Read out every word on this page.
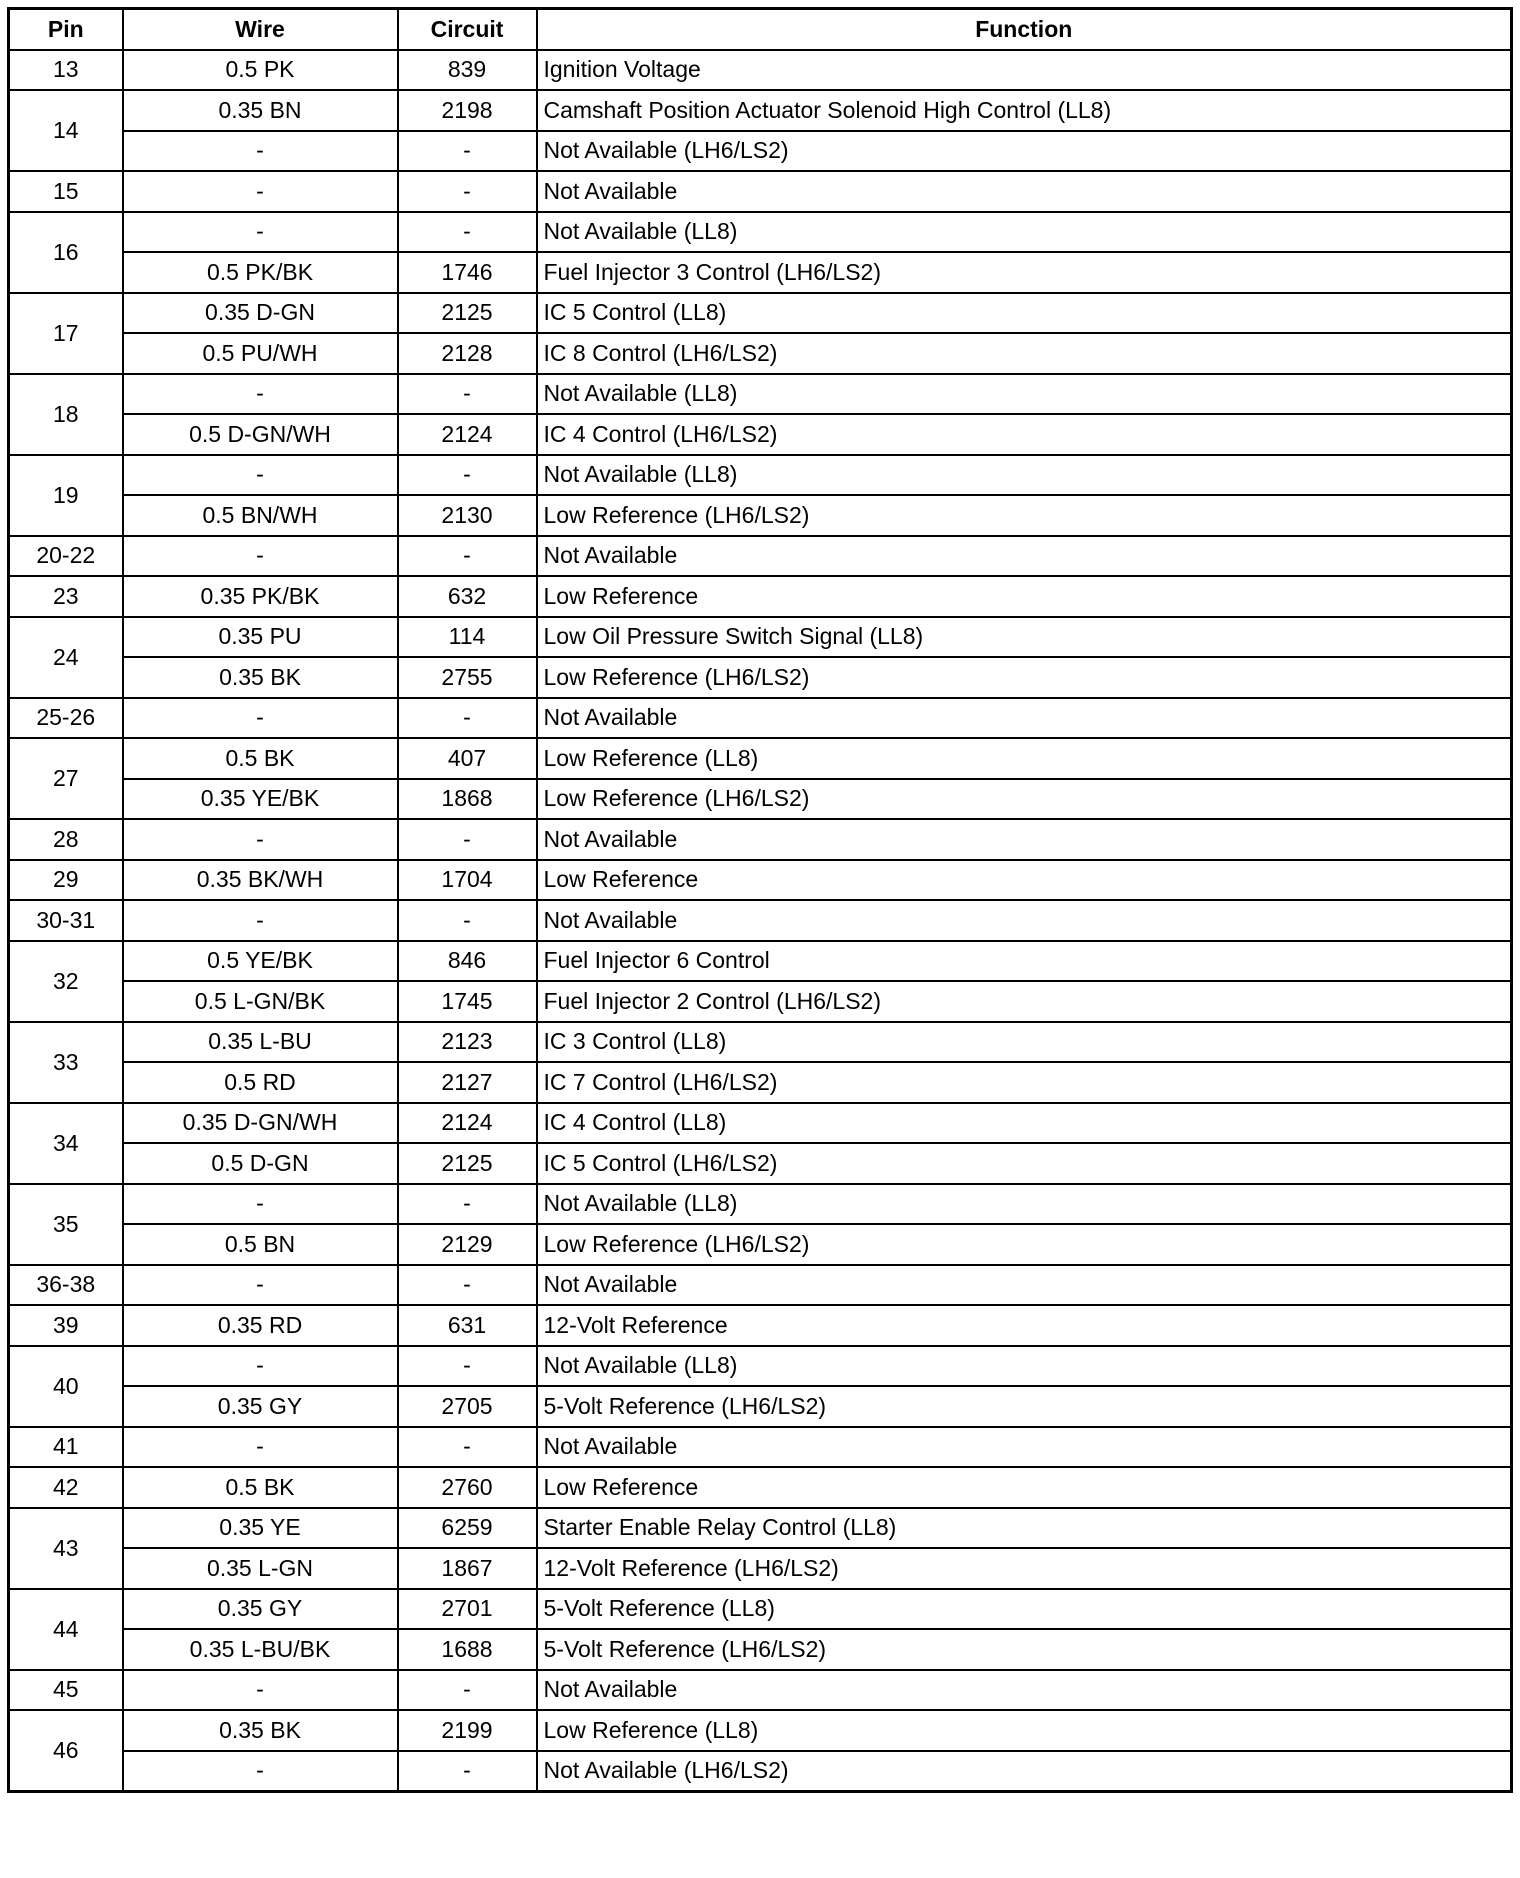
Pin	Wire	Circuit	Function
13	0.5 PK	839	Ignition Voltage
14	0.35 BN	2198	Camshaft Position Actuator Solenoid High Control (LL8)
	-	-	Not Available (LH6/LS2)
15	-	-	Not Available
16	-	-	Not Available (LL8)
	0.5 PK/BK	1746	Fuel Injector 3 Control (LH6/LS2)
17	0.35 D-GN	2125	IC 5 Control (LL8)
	0.5 PU/WH	2128	IC 8 Control (LH6/LS2)
18	-	-	Not Available (LL8)
	0.5 D-GN/WH	2124	IC 4 Control (LH6/LS2)
19	-	-	Not Available (LL8)
	0.5 BN/WH	2130	Low Reference (LH6/LS2)
20-22	-	-	Not Available
23	0.35 PK/BK	632	Low Reference
24	0.35 PU	114	Low Oil Pressure Switch Signal (LL8)
	0.35 BK	2755	Low Reference (LH6/LS2)
25-26	-	-	Not Available
27	0.5 BK	407	Low Reference (LL8)
	0.35 YE/BK	1868	Low Reference (LH6/LS2)
28	-	-	Not Available
29	0.35 BK/WH	1704	Low Reference
30-31	-	-	Not Available
32	0.5 YE/BK	846	Fuel Injector 6 Control
	0.5 L-GN/BK	1745	Fuel Injector 2 Control (LH6/LS2)
33	0.35 L-BU	2123	IC 3 Control (LL8)
	0.5 RD	2127	IC 7 Control (LH6/LS2)
34	0.35 D-GN/WH	2124	IC 4 Control (LL8)
	0.5 D-GN	2125	IC 5 Control (LH6/LS2)
35	-	-	Not Available (LL8)
	0.5 BN	2129	Low Reference (LH6/LS2)
36-38	-	-	Not Available
39	0.35 RD	631	12-Volt Reference
40	-	-	Not Available (LL8)
	0.35 GY	2705	5-Volt Reference (LH6/LS2)
41	-	-	Not Available
42	0.5 BK	2760	Low Reference
43	0.35 YE	6259	Starter Enable Relay Control (LL8)
	0.35 L-GN	1867	12-Volt Reference (LH6/LS2)
44	0.35 GY	2701	5-Volt Reference (LL8)
	0.35 L-BU/BK	1688	5-Volt Reference (LH6/LS2)
45	-	-	Not Available
46	0.35 BK	2199	Low Reference (LL8)
	-	-	Not Available (LH6/LS2)
